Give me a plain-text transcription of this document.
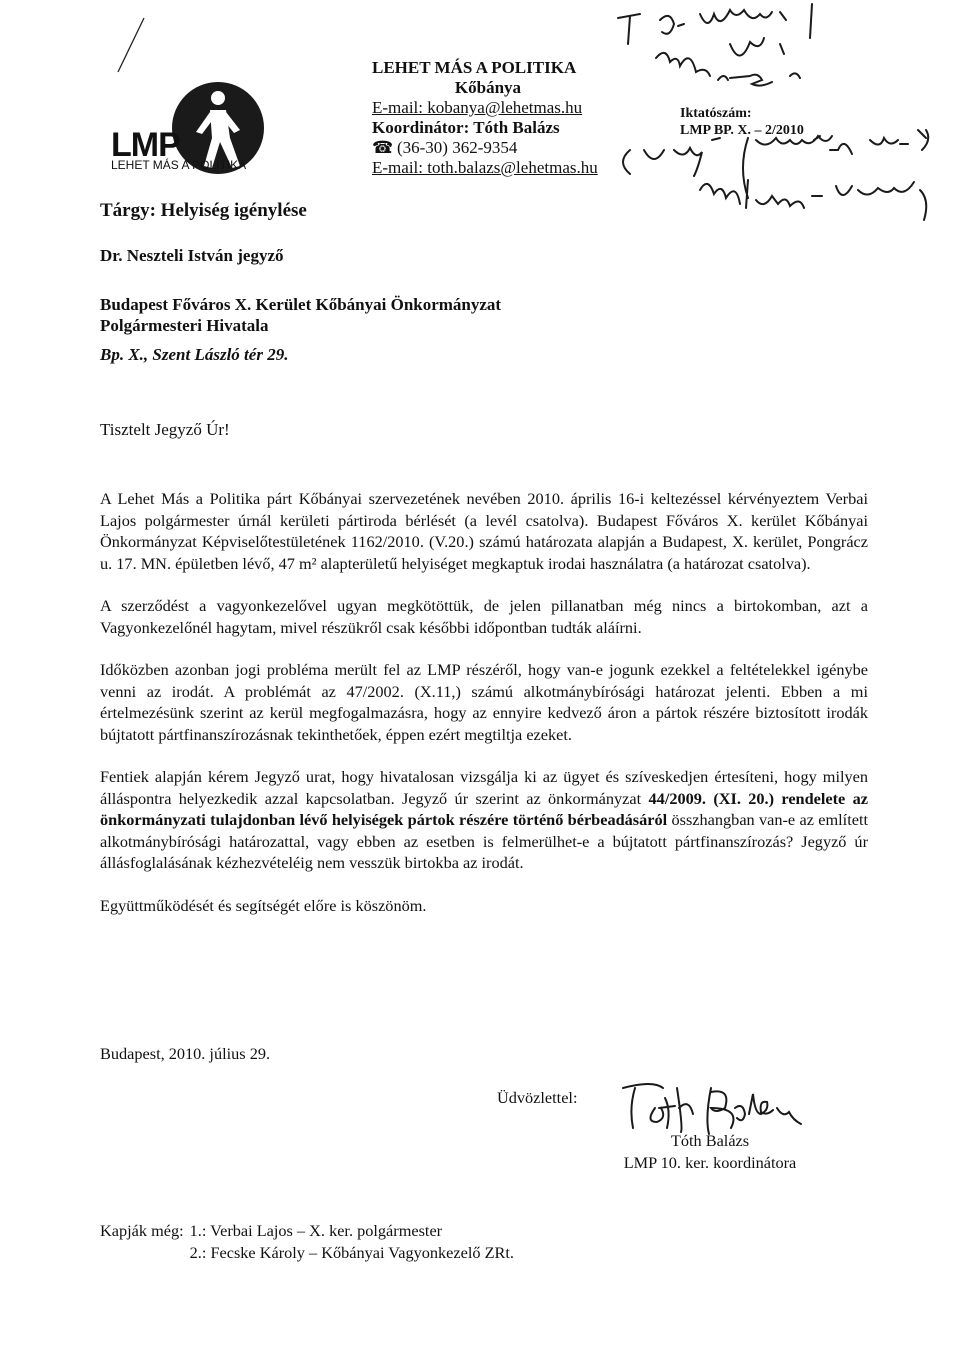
LMP
LEHET MÁS A POLITIKA
LEHET MÁS A POLITIKA
Kőbánya
E-mail: kobanya@lehetmas.hu
Koordinátor: Tóth Balázs
☎: (36-30) 362-9354
E-mail: toth.balazs@lehetmas.hu
Iktatószám:
LMP BP. X. – 2/2010
Tárgy: Helyiség igénylése
Dr. Neszteli István jegyző
Budapest Főváros X. Kerület Kőbányai Önkormányzat
Polgármesteri Hivatala
Bp. X., Szent László tér 29.
Tisztelt Jegyző Úr!

A Lehet Más a Politika párt Kőbányai szervezetének nevében 2010. április 16-i keltezéssel kérvényeztem Verbai Lajos polgármester úrnál kerületi pártiroda bérlését (a levél csatolva). Budapest Főváros X. kerület Kőbányai Önkormányzat Képviselőtestületének 1162/2010. (V.20.) számú határozata alapján a Budapest, X. kerület, Pongrácz u. 17. MN. épületben lévő, 47 m² alapterületű helyiséget megkaptuk irodai használatra (a határozat csatolva).

A szerződést a vagyonkezelővel ugyan megkötöttük, de jelen pillanatban még nincs a birtokomban, azt a Vagyonkezelőnél hagytam, mivel részükről csak későbbi időpontban tudták aláírni.

Időközben azonban jogi probléma merült fel az LMP részéről, hogy van-e jogunk ezekkel a feltételekkel igénybe venni az irodát. A problémát az 47/2002. (X.11,) számú alkotmánybírósági határozat jelenti. Ebben a mi értelmezésünk szerint az kerül megfogalmazásra, hogy az ennyire kedvező áron a pártok részére biztosított irodák bújtatott pártfinanszírozásnak tekinthetőek, éppen ezért megtiltja ezeket.

Fentiek alapján kérem Jegyző urat, hogy hivatalosan vizsgálja ki az ügyet és szíveskedjen értesíteni, hogy milyen álláspontra helyezkedik azzal kapcsolatban. Jegyző úr szerint az önkormányzat 44/2009. (XI. 20.) rendelete az önkormányzati tulajdonban lévő helyiségek pártok részére történő bérbeadásáról összhangban van-e az említett alkotmánybírósági határozattal, vagy ebben az esetben is felmerülhet-e a bújtatott pártfinanszírozás? Jegyző úr állásfoglalásának kézhezvételéig nem vesszük birtokba az irodát.

Együttműködését és segítségét előre is köszönöm.

Budapest, 2010. július 29.
Üdvözlettel:
Tóth Balázs
LMP 10. ker. koordinátora
Kapják még:	1.: Verbai Lajos – X. ker. polgármester
	2.: Fecske Károly – Kőbányai Vagyonkezelő ZRt.
